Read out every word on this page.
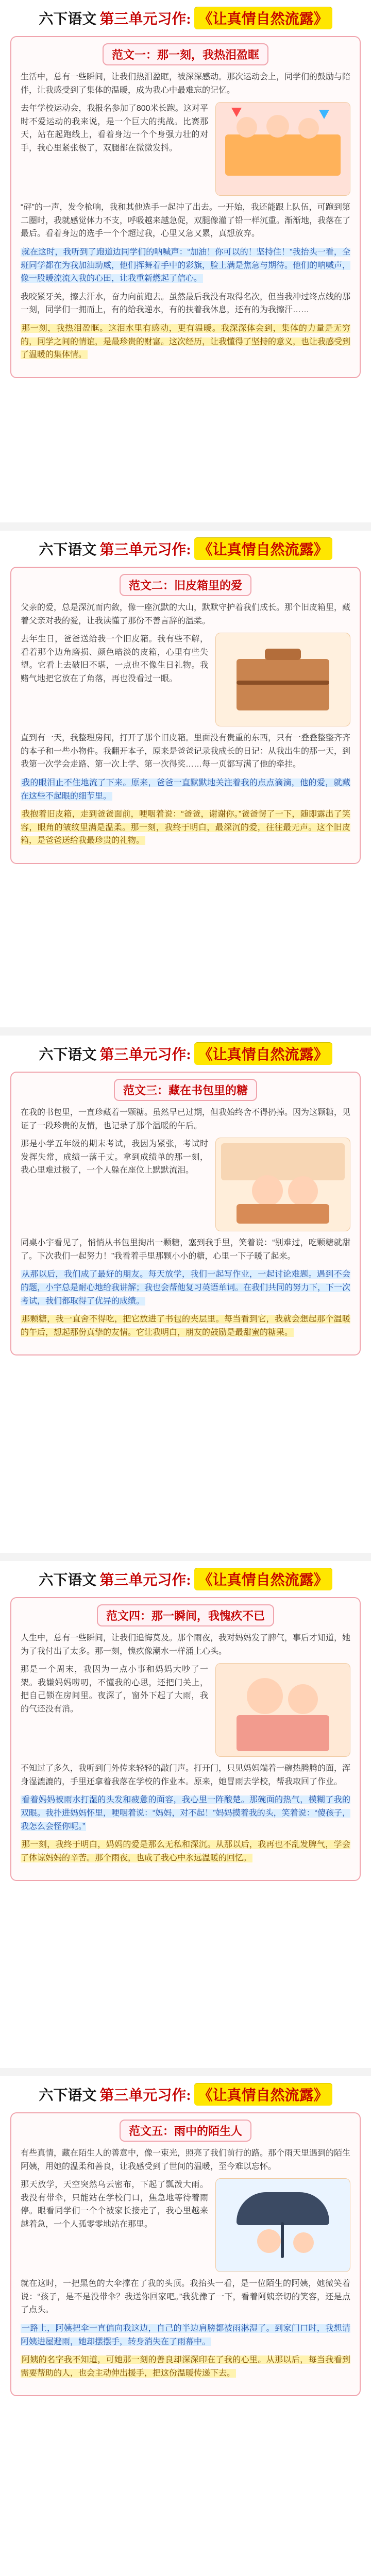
六下语文 第三单元习作: 《让真情自然流露》
范文一：那一刻，我热泪盈眶

生活中，总有一些瞬间，让我们热泪盈眶，被深深感动。那次运动会上，同学们的鼓励与陪伴，让我感受到了集体的温暖，成为我心中最难忘的记忆。

去年学校运动会，我报名参加了800米长跑。这对平时不爱运动的我来说，是一个巨大的挑战。比赛那天，站在起跑线上，看着身边一个个身强力壮的对手，我心里紧张极了，双腿都在微微发抖。

“砰”的一声，发令枪响，我和其他选手一起冲了出去。一开始，我还能跟上队伍，可跑到第二圈时，我就感觉体力不支，呼吸越来越急促，双腿像灌了铅一样沉重。渐渐地，我落在了最后。看着身边的选手一个个超过我，心里又急又累，真想放弃。

就在这时，我听到了跑道边同学们的呐喊声：“加油！你可以的！坚持住！”我抬头一看，全班同学都在为我加油助威，他们挥舞着手中的彩旗，脸上满是焦急与期待。他们的呐喊声，像一股暖流流入我的心田，让我重新燃起了信心。

我咬紧牙关，擦去汗水，奋力向前跑去。虽然最后我没有取得名次，但当我冲过终点线的那一刻，同学们一拥而上，有的给我递水，有的扶着我休息，还有的为我擦汗……

那一刻，我热泪盈眶。这泪水里有感动，更有温暖。我深深体会到，集体的力量是无穷的，同学之间的情谊，是最珍贵的财富。这次经历，让我懂得了坚持的意义，也让我感受到了温暖的集体情。

六下语文 第三单元习作: 《让真情自然流露》
范文二：旧皮箱里的爱

父亲的爱，总是深沉而内敛，像一座沉默的大山，默默守护着我们成长。那个旧皮箱里，藏着父亲对我的爱，让我读懂了那份不善言辞的温柔。

去年生日，爸爸送给我一个旧皮箱。我有些不解，看着那个边角磨损、颜色暗淡的皮箱，心里有些失望。它看上去破旧不堪，一点也不像生日礼物。我赌气地把它放在了角落，再也没看过一眼。

直到有一天，我整理房间，打开了那个旧皮箱。里面没有贵重的东西，只有一叠叠整整齐齐的本子和一些小物件。我翻开本子，原来是爸爸记录我成长的日记：从我出生的那一天，到我第一次学会走路、第一次上学、第一次得奖……每一页都写满了他的牵挂。

我的眼泪止不住地流了下来。原来，爸爸一直默默地关注着我的点点滴滴，他的爱，就藏在这些不起眼的细节里。

我抱着旧皮箱，走到爸爸面前，哽咽着说：“爸爸，谢谢你。”爸爸愣了一下，随即露出了笑容，眼角的皱纹里满是温柔。那一刻，我终于明白，最深沉的爱，往往最无声。这个旧皮箱，是爸爸送给我最珍贵的礼物。

六下语文 第三单元习作: 《让真情自然流露》
范文三：藏在书包里的糖

在我的书包里，一直珍藏着一颗糖。虽然早已过期，但我始终舍不得扔掉。因为这颗糖，见证了一段珍贵的友情，也记录了那个温暖的午后。

那是小学五年级的期末考试，我因为紧张，考试时发挥失常，成绩一落千丈。拿到成绩单的那一刻，我心里难过极了，一个人躲在座位上默默流泪。

同桌小宇看见了，悄悄从书包里掏出一颗糖，塞到我手里，笑着说：“别难过，吃颗糖就甜了。下次我们一起努力！”我看着手里那颗小小的糖，心里一下子暖了起来。

从那以后，我们成了最好的朋友。每天放学，我们一起写作业，一起讨论难题。遇到不会的题，小宇总是耐心地给我讲解；我也会帮他复习英语单词。在我们共同的努力下，下一次考试，我们都取得了优异的成绩。

那颗糖，我一直舍不得吃，把它放进了书包的夹层里。每当看到它，我就会想起那个温暖的午后，想起那份真挚的友情。它让我明白，朋友的鼓励是最甜蜜的糖果。

六下语文 第三单元习作: 《让真情自然流露》
范文四：那一瞬间，我愧疚不已

人生中，总有一些瞬间，让我们追悔莫及。那个雨夜，我对妈妈发了脾气，事后才知道，她为了我付出了太多。那一刻，愧疚像潮水一样涌上心头。

那是一个周末，我因为一点小事和妈妈大吵了一架。我嫌妈妈唠叨，不懂我的心思，还把门关上，把自己锁在房间里。夜深了，窗外下起了大雨，我的气还没有消。

不知过了多久，我听到门外传来轻轻的敲门声。打开门，只见妈妈端着一碗热腾腾的面，浑身湿漉漉的，手里还拿着我落在学校的作业本。原来，她冒雨去学校，帮我取回了作业。

看着妈妈被雨水打湿的头发和疲惫的面容，我心里一阵酸楚。那碗面的热气，模糊了我的双眼。我扑进妈妈怀里，哽咽着说：“妈妈，对不起！”妈妈摸着我的头，笑着说：“傻孩子，我怎么会怪你呢。”

那一刻，我终于明白，妈妈的爱是那么无私和深沉。从那以后，我再也不乱发脾气，学会了体谅妈妈的辛苦。那个雨夜，也成了我心中永远温暖的回忆。

六下语文 第三单元习作: 《让真情自然流露》
范文五：雨中的陌生人

有些真情，藏在陌生人的善意中，像一束光，照亮了我们前行的路。那个雨天里遇到的陌生阿姨，用她的温柔和善良，让我感受到了世间的温暖，至今难以忘怀。

那天放学，天空突然乌云密布，下起了瓢泼大雨。我没有带伞，只能站在学校门口，焦急地等待着雨停。眼看同学们一个个被家长接走了，我心里越来越着急，一个人孤零零地站在那里。

就在这时，一把黑色的大伞撑在了我的头顶。我抬头一看，是一位陌生的阿姨，她微笑着说：“孩子，是不是没带伞？我送你回家吧。”我犹豫了一下，看着阿姨亲切的笑容，还是点了点头。

一路上，阿姨把伞一直偏向我这边，自己的半边肩膀都被雨淋湿了。到家门口时，我想请阿姨进屋避雨，她却摆摆手，转身消失在了雨幕中。

阿姨的名字我不知道，可她那一刻的善良却深深印在了我的心里。从那以后，每当我看到需要帮助的人，也会主动伸出援手，把这份温暖传递下去。
